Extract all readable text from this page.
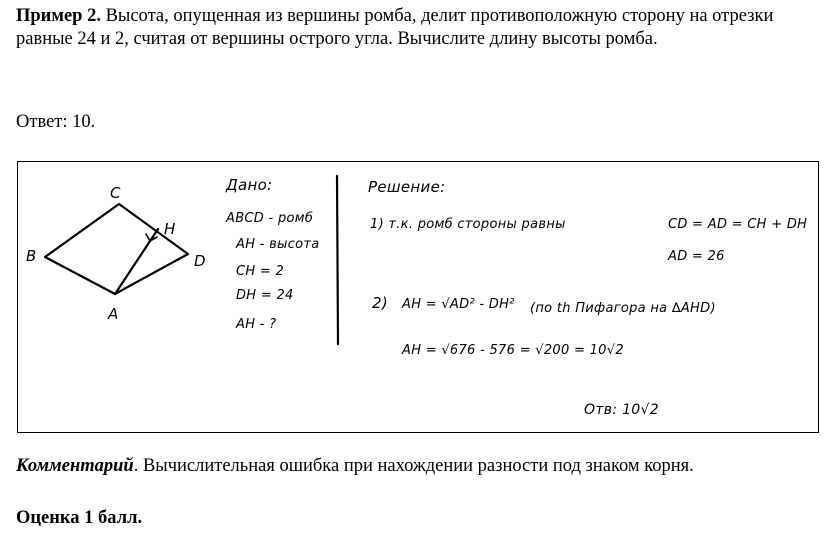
Пример 2. Высота, опущенная из вершины ромба, делит противоположную сторону на отрезки равные 24 и 2, считая от вершины острого угла. Вычислите длину высоты ромба.

Ответ: 10.

C
H
B	D
A
Дано:
ABCD - ромб
AH - высота
CH = 2
DH = 24
AH - ?
Решение:
1) т.к. ромб стороны равны	CD = AD = CH + DH
AD = 26
2) AH = √AD² - DH² (по th Пифагора на ∆AHD)
AH = √676 - 576 = √200 = 10√2
Отв: 10√2

Комментарий. Вычислительная ошибка при нахождении разности под знаком корня.

Оценка 1 балл.
